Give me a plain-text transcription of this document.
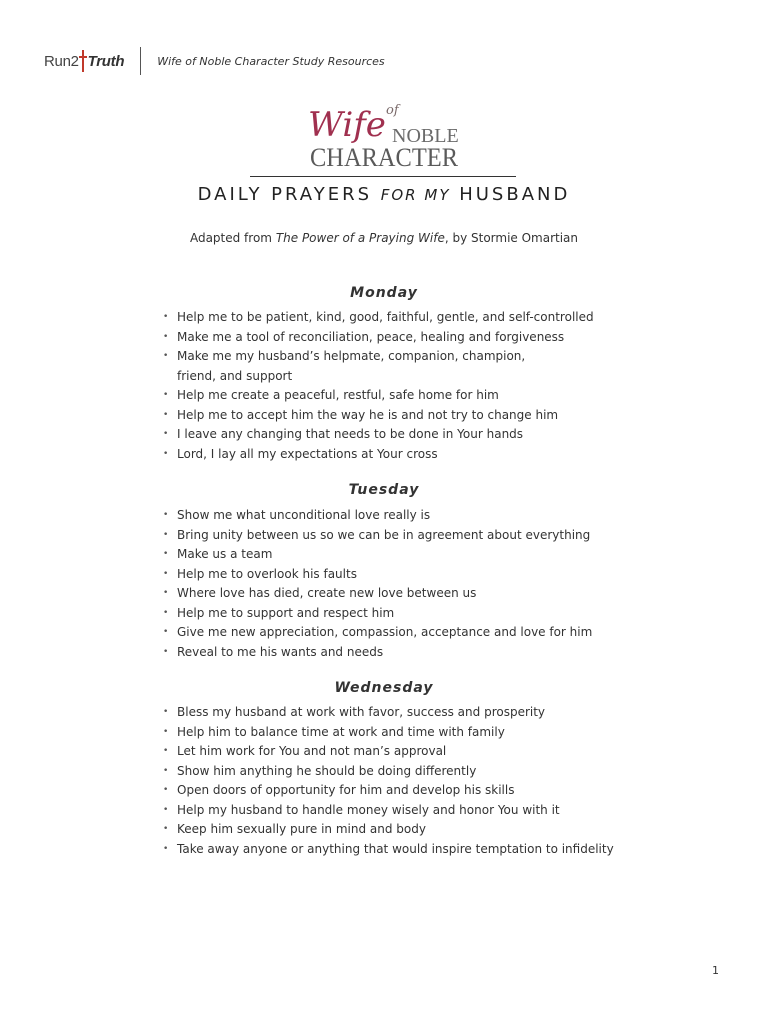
Run 2 Truth	Wife of Noble Character Study Resources
Wife of
NOBLE
CHARACTER
DAILY PRAYERS FOR MY HUSBAND
Adapted from The Power of a Praying Wife, by Stormie Omartian
Monday
• Help me to be patient, kind, good, faithful, gentle, and self-controlled
• Make me a tool of reconciliation, peace, healing and forgiveness
• Make me my husband’s helpmate, companion, champion,
friend, and support
• Help me create a peaceful, restful, safe home for him
• Help me to accept him the way he is and not try to change him
• I leave any changing that needs to be done in Your hands
• Lord, I lay all my expectations at Your cross
Tuesday
• Show me what unconditional love really is
• Bring unity between us so we can be in agreement about everything
• Make us a team
• Help me to overlook his faults
• Where love has died, create new love between us
• Help me to support and respect him
• Give me new appreciation, compassion, acceptance and love for him
• Reveal to me his wants and needs
Wednesday
• Bless my husband at work with favor, success and prosperity
• Help him to balance time at work and time with family
• Let him work for You and not man’s approval
• Show him anything he should be doing differently
• Open doors of opportunity for him and develop his skills
• Help my husband to handle money wisely and honor You with it
• Keep him sexually pure in mind and body
• Take away anyone or anything that would inspire temptation to infidelity
1
